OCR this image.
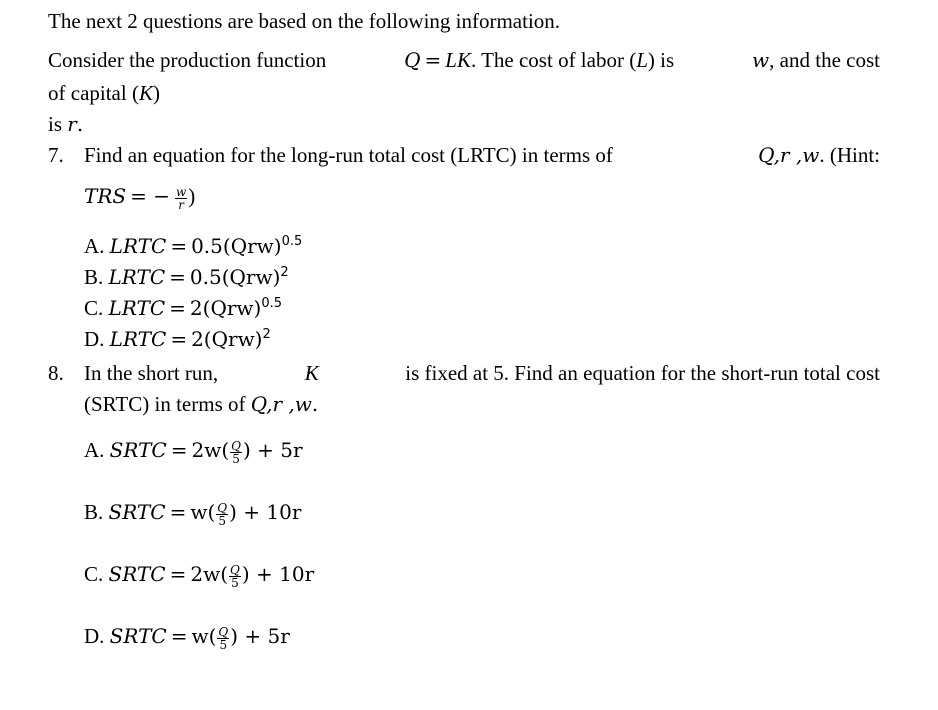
The next 2 questions are based on the following information.
Consider the production function	Q = LK. The cost of labor (L) is	w, and the cost
of capital (K)
is r.
7. Find an equation for the long-run total cost (LRTC) in terms of	Q,r ,w. (Hint:
TRS = − $\frac{w}{r}$ )
A. LRTC = 0.5(Qrw)$^{0.5}$
B. LRTC = 0.5(Qrw)$^2$
C. LRTC = 2(Qrw)$^{0.5}$
D. LRTC = 2(Qrw)$^2$
8. In the short run,	K	is fixed at 5. Find an equation for the short-run total cost
(SRTC) in terms of Q,r ,w.
A. SRTC = $2w( \frac{Q}{5}$ ) + 5r
B. SRTC = $w( \frac{Q}{5}$ ) + 10r
C. SRTC = $2w( \frac{Q}{5}$ ) + 10r
D. SRTC = $w( \frac{Q}{5}$ ) + 5r
